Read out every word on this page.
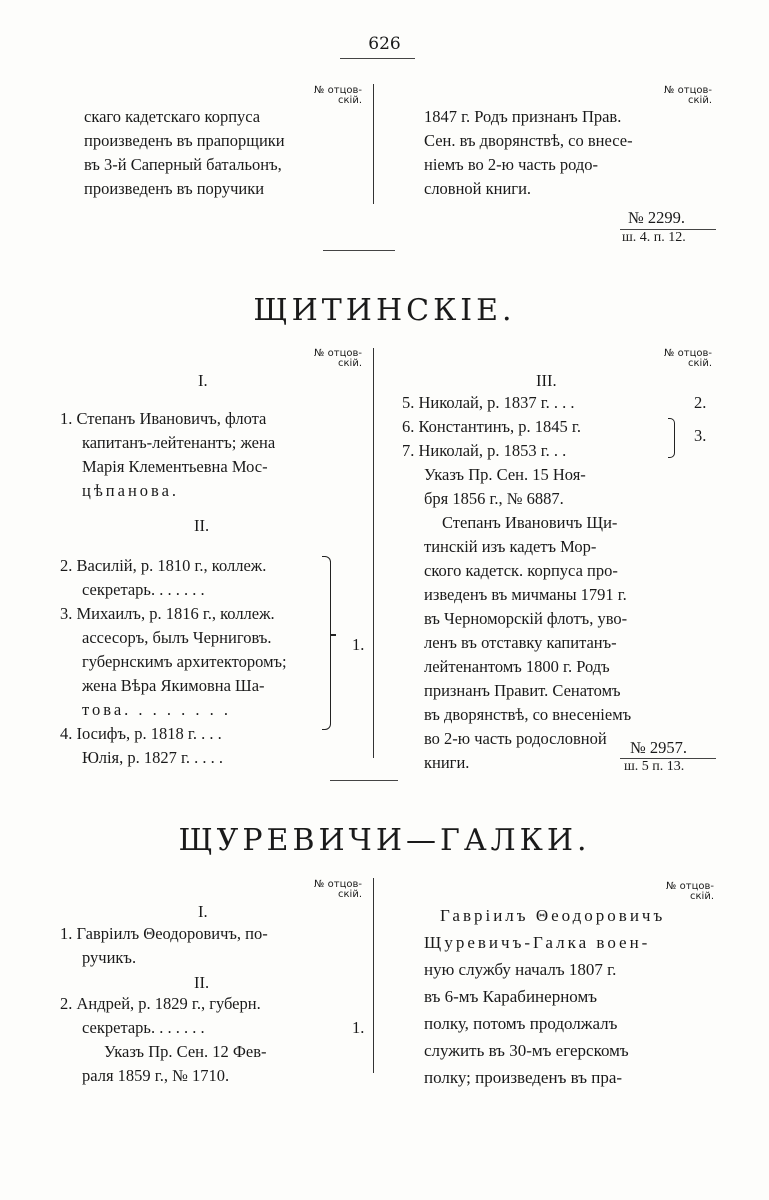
626
№ отцов-
скій.
№ отцов-
скій.
скаго кадетскаго корпуса
произведенъ въ прапорщики
въ 3-й Саперный батальонъ,
произведенъ въ поручики
1847 г. Родъ признанъ Прав.
Сен. въ дворянствѣ, со внесе-
ніемъ во 2-ю часть родо-
словной книги.
№ 2299.
ш. 4. п. 12.
ЩИТИНСКІЕ.
№ отцов-
скій.
№ отцов-
скій.
I.
1. Степанъ Ивановичъ, флота
капитанъ-лейтенантъ; жена
Марія Клементьевна Мос-
цѣпанова.
II.
2. Василій, р. 1810 г., коллеж.
секретарь. . . . . . .
3. Михаилъ, р. 1816 г., коллеж.
ассесоръ, былъ Черниговъ.
губернскимъ архитекторомъ;
жена Вѣра Якимовна Ша-
това. . . . . . . .
4. Іосифъ, р. 1818 г. . . .
Юлія, р. 1827 г. . . . .
1.
III.
5. Николай, р. 1837 г. . . .
6. Константинъ, р. 1845 г.
7. Николай, р. 1853 г. . .
Указъ Пр. Сен. 15 Ноя-
бря 1856 г., № 6887.
2.
3.
Степанъ Ивановичъ Щи-
тинскій изъ кадетъ Мор-
ского кадетск. корпуса про-
изведенъ въ мичманы 1791 г.
въ Черноморскій флотъ, уво-
ленъ въ отставку капитанъ-
лейтенантомъ 1800 г. Родъ
признанъ Правит. Сенатомъ
въ дворянствѣ, со внесеніемъ
во 2-ю часть родословной
книги.
№ 2957.
ш. 5 п. 13.
ЩУРЕВИЧИ—ГАЛКИ.
№ отцов-
скій.
№ отцов-
скій.
I.
1. Гавріилъ Θеодоровичъ, по-
ручикъ.
II.
2. Андрей, р. 1829 г., губерн.
секретарь. . . . . . .
Указъ Пр. Сен. 12 Фев-
раля 1859 г., № 1710.
1.
Гавріилъ Θеодоровичъ
Щуревичъ-Галка воен-
ную службу началъ 1807 г.
въ 6-мъ Карабинерномъ
полку, потомъ продолжалъ
служить въ 30-мъ егерскомъ
полку; произведенъ въ пра-
